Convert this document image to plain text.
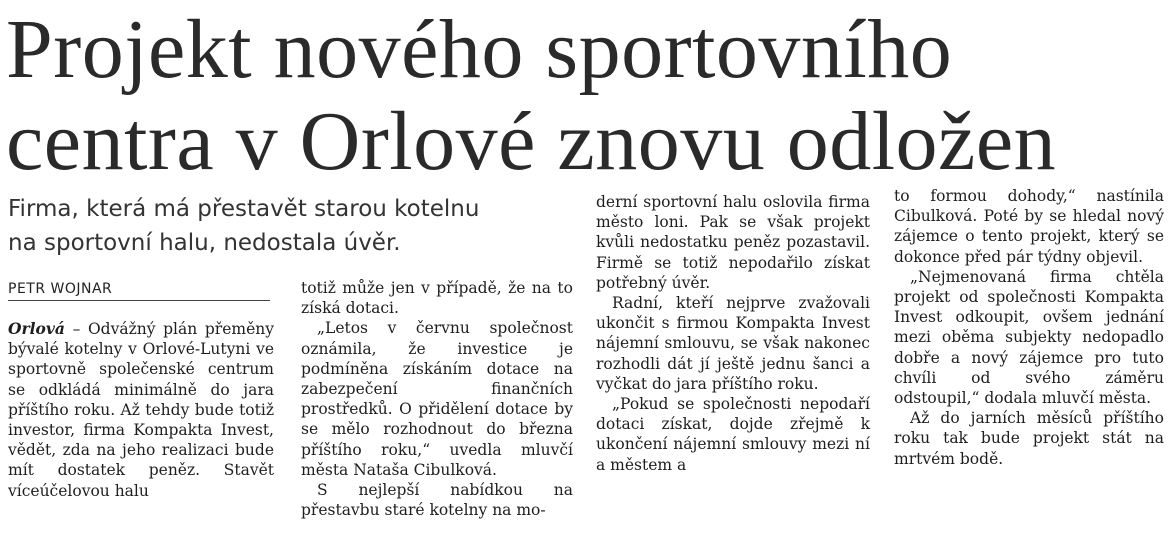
Projekt nového sportovního
centra v Orlové znovu odložen
Firma, která má přestavět starou kotelnu
na sportovní halu, nedostala úvěr.
PETR WOJNAR

Orlová – Odvážný plán přeměny bývalé kotelny v Orlové-Lutyni ve sportovně společenské centrum se odkládá minimálně do jara příštího roku. Až tehdy bude totiž investor, firma Kompakta Invest, vědět, zda na jeho realizaci bude mít dostatek peněz. Stavět víceúčelovou halu

totiž může jen v případě, že na to získá dotaci.

„Letos v červnu společnost oznámila, že investice je podmíněna získáním dotace na zabezpečení finančních prostředků. O přidělení dotace by se mělo rozhodnout do března příštího roku,“ uvedla mluvčí města Nataša Cibulková.

S nejlepší nabídkou na přestavbu staré kotelny na mo-

derní sportovní halu oslovila firma město loni. Pak se však projekt kvůli nedostatku peněz pozastavil. Firmě se totiž nepodařilo získat potřebný úvěr.

Radní, kteří nejprve zvažovali ukončit s firmou Kompakta Invest nájemní smlouvu, se však nakonec rozhodli dát jí ještě jednu šanci a vyčkat do jara příštího roku.

„Pokud se společnosti nepodaří dotaci získat, dojde zřejmě k ukončení nájemní smlouvy mezi ní a městem a

to formou dohody,“ nastínila Cibulková. Poté by se hledal nový zájemce o tento projekt, který se dokonce před pár týdny objevil.

„Nejmenovaná firma chtěla projekt od společnosti Kompakta Invest odkoupit, ovšem jednání mezi oběma subjekty nedopadlo dobře a nový zájemce pro tuto chvíli od svého záměru odstoupil,“ dodala mluvčí města.

Až do jarních měsíců příštího roku tak bude projekt stát na mrtvém bodě.
